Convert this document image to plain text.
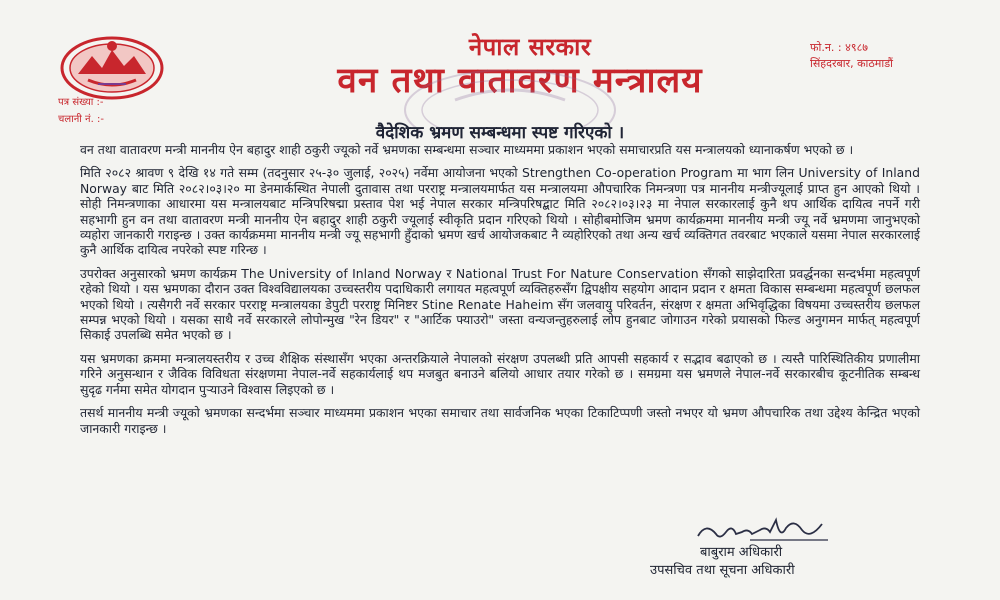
नेपाल सरकार
वन तथा वातावरण मन्त्रालय
फो.न. : ४९८७
सिंहदरबार, काठमाडौं
पत्र संख्या :-
चलानी नं. :-
वैदेशिक भ्रमण सम्बन्धमा स्पष्ट गरिएको ।

वन तथा वातावरण मन्त्री माननीय ऐन बहादुर शाही ठकुरी ज्यूको नर्वे भ्रमणका सम्बन्धमा सञ्चार माध्यममा प्रकाशन भएको समाचारप्रति यस मन्त्रालयको ध्यानाकर्षण भएको छ ।

मिति २०८२ श्रावण ९ देखि १४ गते सम्म (तदनुसार २५-३० जुलाई, २०२५) नर्वेमा आयोजना भएको Strengthen Co-operation Program मा भाग लिन University of Inland Norway बाट मिति २०८२।०३।२० मा डेनमार्कस्थित नेपाली दुतावास तथा परराष्ट्र मन्त्रालयमार्फत यस मन्त्रालयमा औपचारिक निमन्त्रणा पत्र माननीय मन्त्रीज्यूलाई प्राप्त हुन आएको थियो । सोही निमन्त्रणाका आधारमा यस मन्त्रालयबाट मन्त्रिपरिषद्मा प्रस्ताव पेश भई नेपाल सरकार मन्त्रिपरिषद्बाट मिति २०८२।०३।२३ मा नेपाल सरकारलाई कुनै थप आर्थिक दायित्व नपर्ने गरी सहभागी हुन वन तथा वातावरण मन्त्री माननीय ऐन बहादुर शाही ठकुरी ज्यूलाई स्वीकृति प्रदान गरिएको थियो । सोहीबमोजिम भ्रमण कार्यक्रममा माननीय मन्त्री ज्यू नर्वे भ्रमणमा जानुभएको व्यहोरा जानकारी गराइन्छ । उक्त कार्यक्रममा माननीय मन्त्री ज्यू सहभागी हुँदाको भ्रमण खर्च आयोजकबाट नै व्यहोरिएको तथा अन्य खर्च व्यक्तिगत तवरबाट भएकाले यसमा नेपाल सरकारलाई कुनै आर्थिक दायित्व नपरेको स्पष्ट गरिन्छ ।

उपरोक्त अनुसारको भ्रमण कार्यक्रम The University of Inland Norway र National Trust For Nature Conservation सँगको साझेदारिता प्रवर्द्धनका सन्दर्भमा महत्वपूर्ण रहेको थियो । यस भ्रमणका दौरान उक्त विश्वविद्यालयका उच्चस्तरीय पदाधिकारी लगायत महत्वपूर्ण व्यक्तिहरुसँग द्विपक्षीय सहयोग आदान प्रदान र क्षमता विकास सम्बन्धमा महत्वपूर्ण छलफल भएको थियो । त्यसैगरी नर्वे सरकार परराष्ट्र मन्त्रालयका डेपुटी परराष्ट्र मिनिष्टर Stine Renate Haheim सँग जलवायु परिवर्तन, संरक्षण र क्षमता अभिवृद्धिका विषयमा उच्चस्तरीय छलफल सम्पन्न भएको थियो । यसका साथै नर्वे सरकारले लोपोन्मुख "रेन डियर" र "आर्टिक फ्याउरो" जस्ता वन्यजन्तुहरुलाई लोप हुनबाट जोगाउन गरेको प्रयासको फिल्ड अनुगमन मार्फत् महत्वपूर्ण सिकाई उपलब्धि समेत भएको छ ।

यस भ्रमणका क्रममा मन्त्रालयस्तरीय र उच्च शैक्षिक संस्थासँग भएका अन्तरक्रियाले नेपालको संरक्षण उपलब्धी प्रति आपसी सहकार्य र सद्भाव बढाएको छ । त्यस्तै पारिस्थितिकीय प्रणालीमा गरिने अनुसन्धान र जैविक विविधता संरक्षणमा नेपाल-नर्वे सहकार्यलाई थप मजबुत बनाउने बलियो आधार तयार गरेको छ । समग्रमा यस भ्रमणले नेपाल-नर्वे सरकारबीच कूटनीतिक सम्बन्ध सुदृढ गर्नमा समेत योगदान पुऱ्याउने विश्वास लिइएको छ ।

तसर्थ माननीय मन्त्री ज्यूको भ्रमणका सन्दर्भमा सञ्चार माध्यममा प्रकाशन भएका समाचार तथा सार्वजनिक भएका टिकाटिप्पणी जस्तो नभएर यो भ्रमण औपचारिक तथा उद्देश्य केन्द्रित भएको जानकारी गराइन्छ ।

बाबुराम अधिकारी
उपसचिव तथा सूचना अधिकारी
